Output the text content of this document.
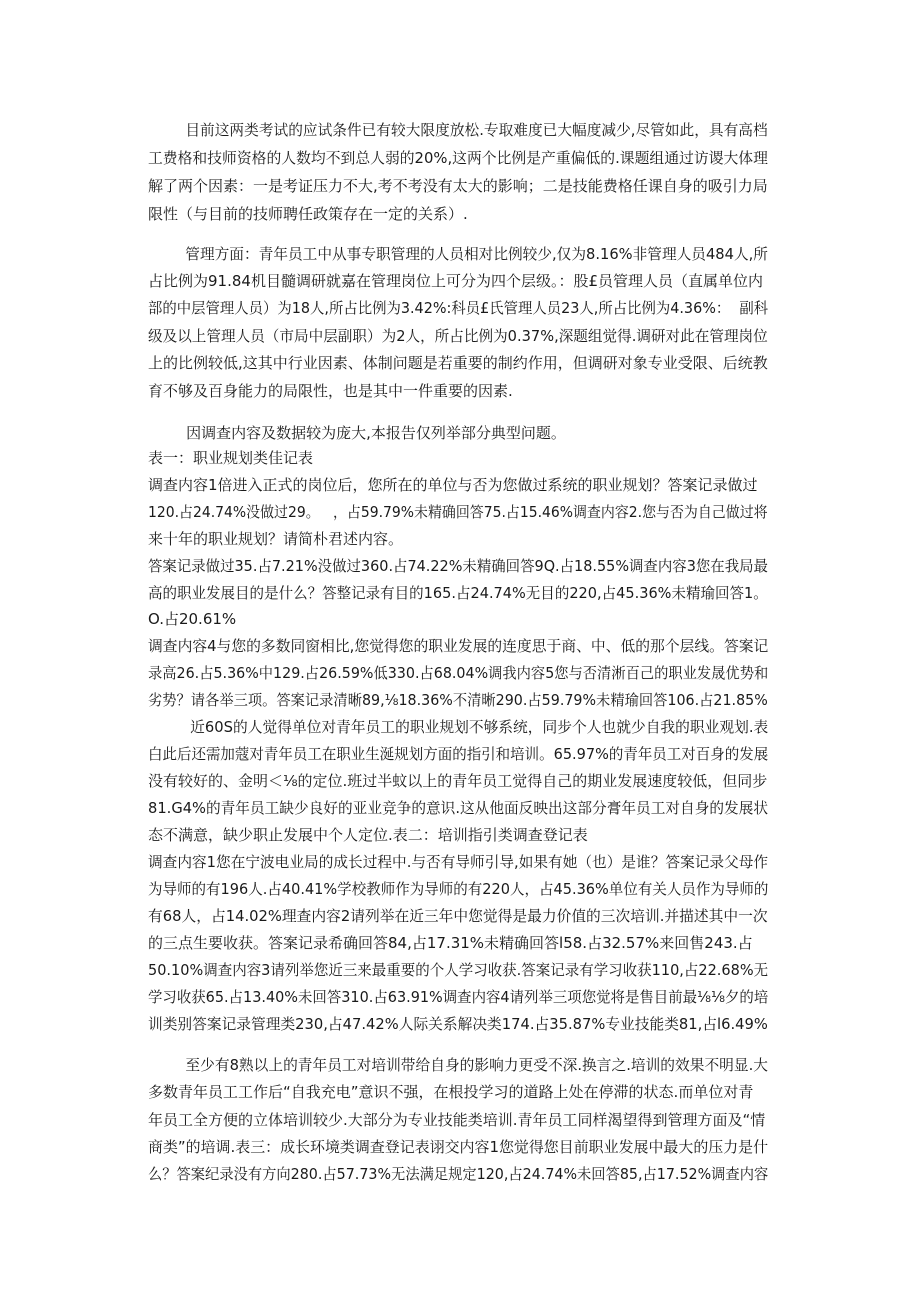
目前这两类考试的应试条件已有较大限度放松.专取难度已大幅度减少,尽管如此，具有高档
工费格和技师资格的人数均不到总人弱的20%,这两个比例是产重偏低的.课题组通过访谡大体理
解了两个因素：一是考证压力不大,考不考没有太大的影响；二是技能费格任课自身的吸引力局
限性（与目前的技师聘任政策存在一定的关系）.
管理方面：青年员工中从事专职管理的人员相对比例较少,仅为8.16%非管理人员484人,所
占比例为91.84机目髓调研就嘉在管理岗位上可分为四个层级。：股£员管理人员（直属单位内
部的中层管理人员）为18人,所占比例为3.42%:科员£氏管理人员23人,所占比例为4.36%：  副科
级及以上管理人员（市局中层副职）为2人，所占比例为0.37%,深题组觉得.调研对此在管理岗位
上的比例较低,这其中行业因素、体制问题是若重要的制约作用，但调研对象专业受限、后统教
育不够及百身能力的局限性，也是其中一件重要的因素.
因调查内容及数据较为庞大,本报告仅列举部分典型问题。
表一：职业规划类佳记表
调查内容1倍进入正式的岗位后，您所在的单位与否为您做过系统的职业规划？答案记录做过
120.占24.74%没做过29。   ，占59.79%未精确回答75.占15.46%调查内容2.您与否为自己做过将
来十年的职业规划？请简朴君述内容。
答案记录做过35.占7.21%没做过360.占74.22%未精确回答9Q.占18.55%调查内容3您在我局最
高的职业发展目的是什么？答整记录有目的165.占24.74%无目的220,占45.36%未精瑜回答1。
O.占20.61%
调查内容4与您的多数同窗相比,您觉得您的职业发展的连度思于商、中、低的那个层线。答案记
录高26.占5.36%中129.占26.59%低330.占68.04%调我内容5您与否清淅百己的职业发晟优势和
劣势？请各举三项。答案记录清晰89,⅛18.36%不清晰290.占59.79%未精瑜回答106.占21.85%
近60S的人觉得单位对青年员工的职业规划不够系统，同步个人也就少自我的职业观划.表
白此后还需加蔻对青年员工在职业生涎规划方面的指引和培训。65.97%的青年员工对百身的发展
没有较好的、金明＜⅛的定位.班过半蚊以上的青年员工觉得自己的期业发展速度较低，但同步
81.G4%的青年员工缺少良好的亚业竞争的意识.这从他面反映出这部分膏年员工对自身的发展状
态不满意，缺少职止发展中个人定位.表二：培训指引类调查登记表
调查内容1您在宁波电业局的成长过程中.与否有导师引导,如果有她（也）是谁？答案记录父母作
为导师的有196人.占40.41%学校教师作为导师的有220人，占45.36%单位有关人员作为导师的
有68人，占14.02%理查内容2请列举在近三年中您觉得是最力价值的三次培训.并描述其中一次
的三点生要收获。答案记录希确回答84,占17.31%未精确回答l58.占32.57%来回售243.占
50.10%调查内容3请列举您近三来最重要的个人学习收获.答案记录有学习收获110,占22.68%无
学习收获65.占13.40%未回答310.占63.91%调查内容4请列举三项您觉将是售目前最⅛⅛夕的培
训类别答案记录管理类230,占47.42%人际关系解决类174.占35.87%专业技能类81,占l6.49%
至少有8熟以上的青年员工对培训带给自身的影响力更受不深.换言之.培训的效果不明显.大
多数青年员工工作后“自我充电”意识不强，在根投学习的道路上处在停滞的状态.而单位对青
年员工全方便的立体培训较少.大部分为专业技能类培训.青年员工同样渴望得到管理方面及“情
商类”的培调.表三：成长环境类调查登记表诩交内容1您觉得您目前职业发展中最大的压力是什
么？答案纪录没有方向280.占57.73%无法满足规定120,占24.74%未回答85,占17.52%调查内容
